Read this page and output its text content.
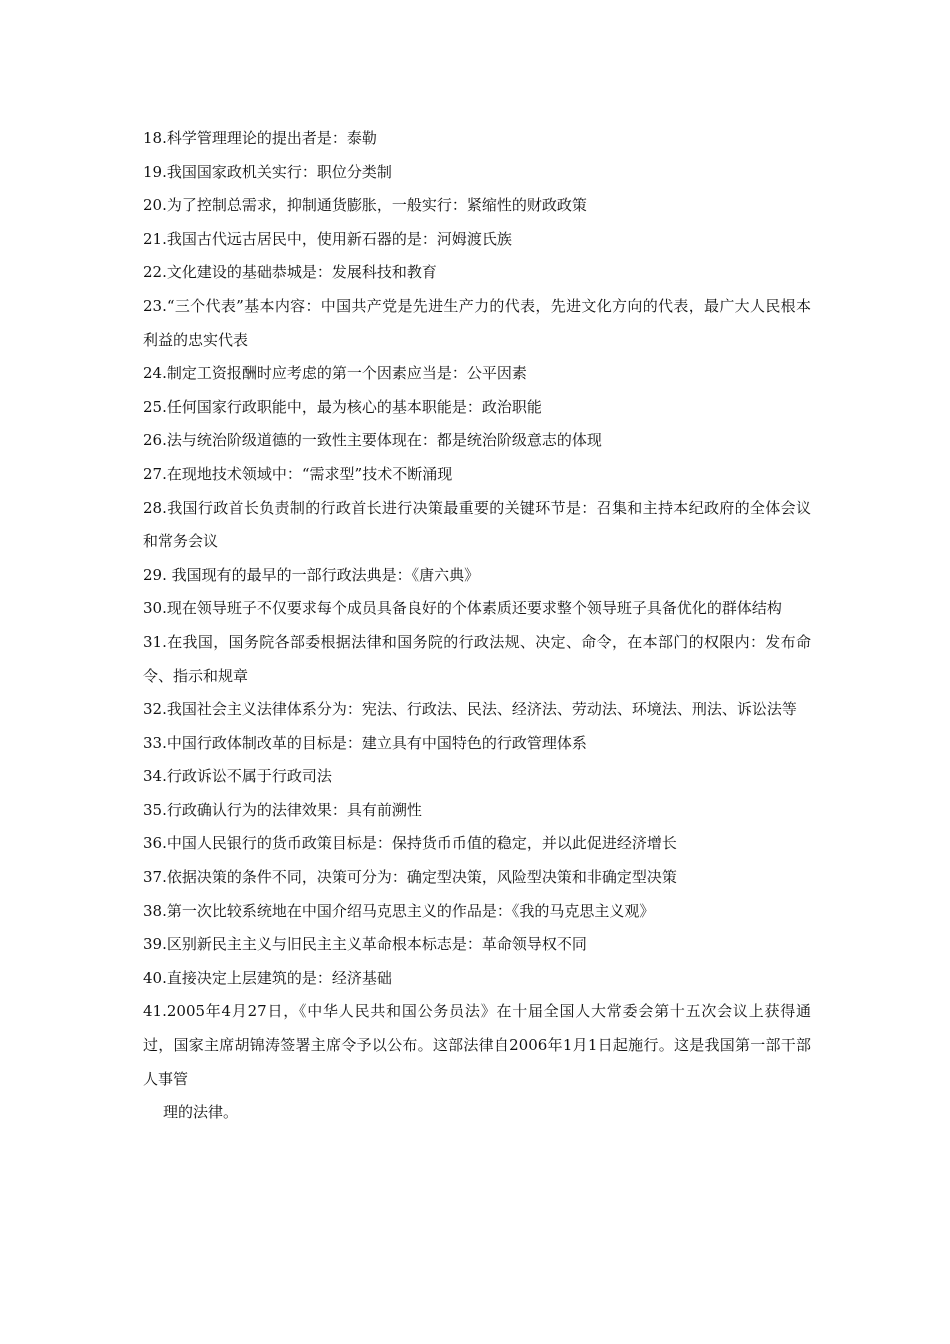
18.科学管理理论的提出者是：泰勒

19.我国国家政机关实行：职位分类制

20.为了控制总需求，抑制通货膨胀，一般实行：紧缩性的财政政策

21.我国古代远古居民中，使用新石器的是：河姆渡氏族

22.文化建设的基础恭城是：发展科技和教育

23.“三个代表”基本内容：中国共产党是先进生产力的代表，先进文化方向的代表，最广大人民根本利益的忠实代表

24.制定工资报酬时应考虑的第一个因素应当是：公平因素

25.任何国家行政职能中，最为核心的基本职能是：政治职能

26.法与统治阶级道德的一致性主要体现在：都是统治阶级意志的体现

27.在现地技术领域中：“需求型”技术不断涌现

28.我国行政首长负责制的行政首长进行决策最重要的关键环节是：召集和主持本纪政府的全体会议和常务会议

29. 我国现有的最早的一部行政法典是：《唐六典》

30.现在领导班子不仅要求每个成员具备良好的个体素质还要求整个领导班子具备优化的群体结构

31.在我国，国务院各部委根据法律和国务院的行政法规、决定、命令，在本部门的权限内：发布命令、指示和规章

32.我国社会主义法律体系分为：宪法、行政法、民法、经济法、劳动法、环境法、刑法、诉讼法等

33.中国行政体制改革的目标是：建立具有中国特色的行政管理体系

34.行政诉讼不属于行政司法

35.行政确认行为的法律效果：具有前溯性

36.中国人民银行的货币政策目标是：保持货币币值的稳定，并以此促进经济增长

37.依据决策的条件不同，决策可分为：确定型决策，风险型决策和非确定型决策

38.第一次比较系统地在中国介绍马克思主义的作品是：《我的马克思主义观》

39.区别新民主主义与旧民主主义革命根本标志是：革命领导权不同

40.直接决定上层建筑的是：经济基础

41.2005年4月27日，《中华人民共和国公务员法》在十届全国人大常委会第十五次会议上获得通过，国家主席胡锦涛签署主席令予以公布。这部法律自2006年1月1日起施行。这是我国第一部干部人事管

理的法律。
